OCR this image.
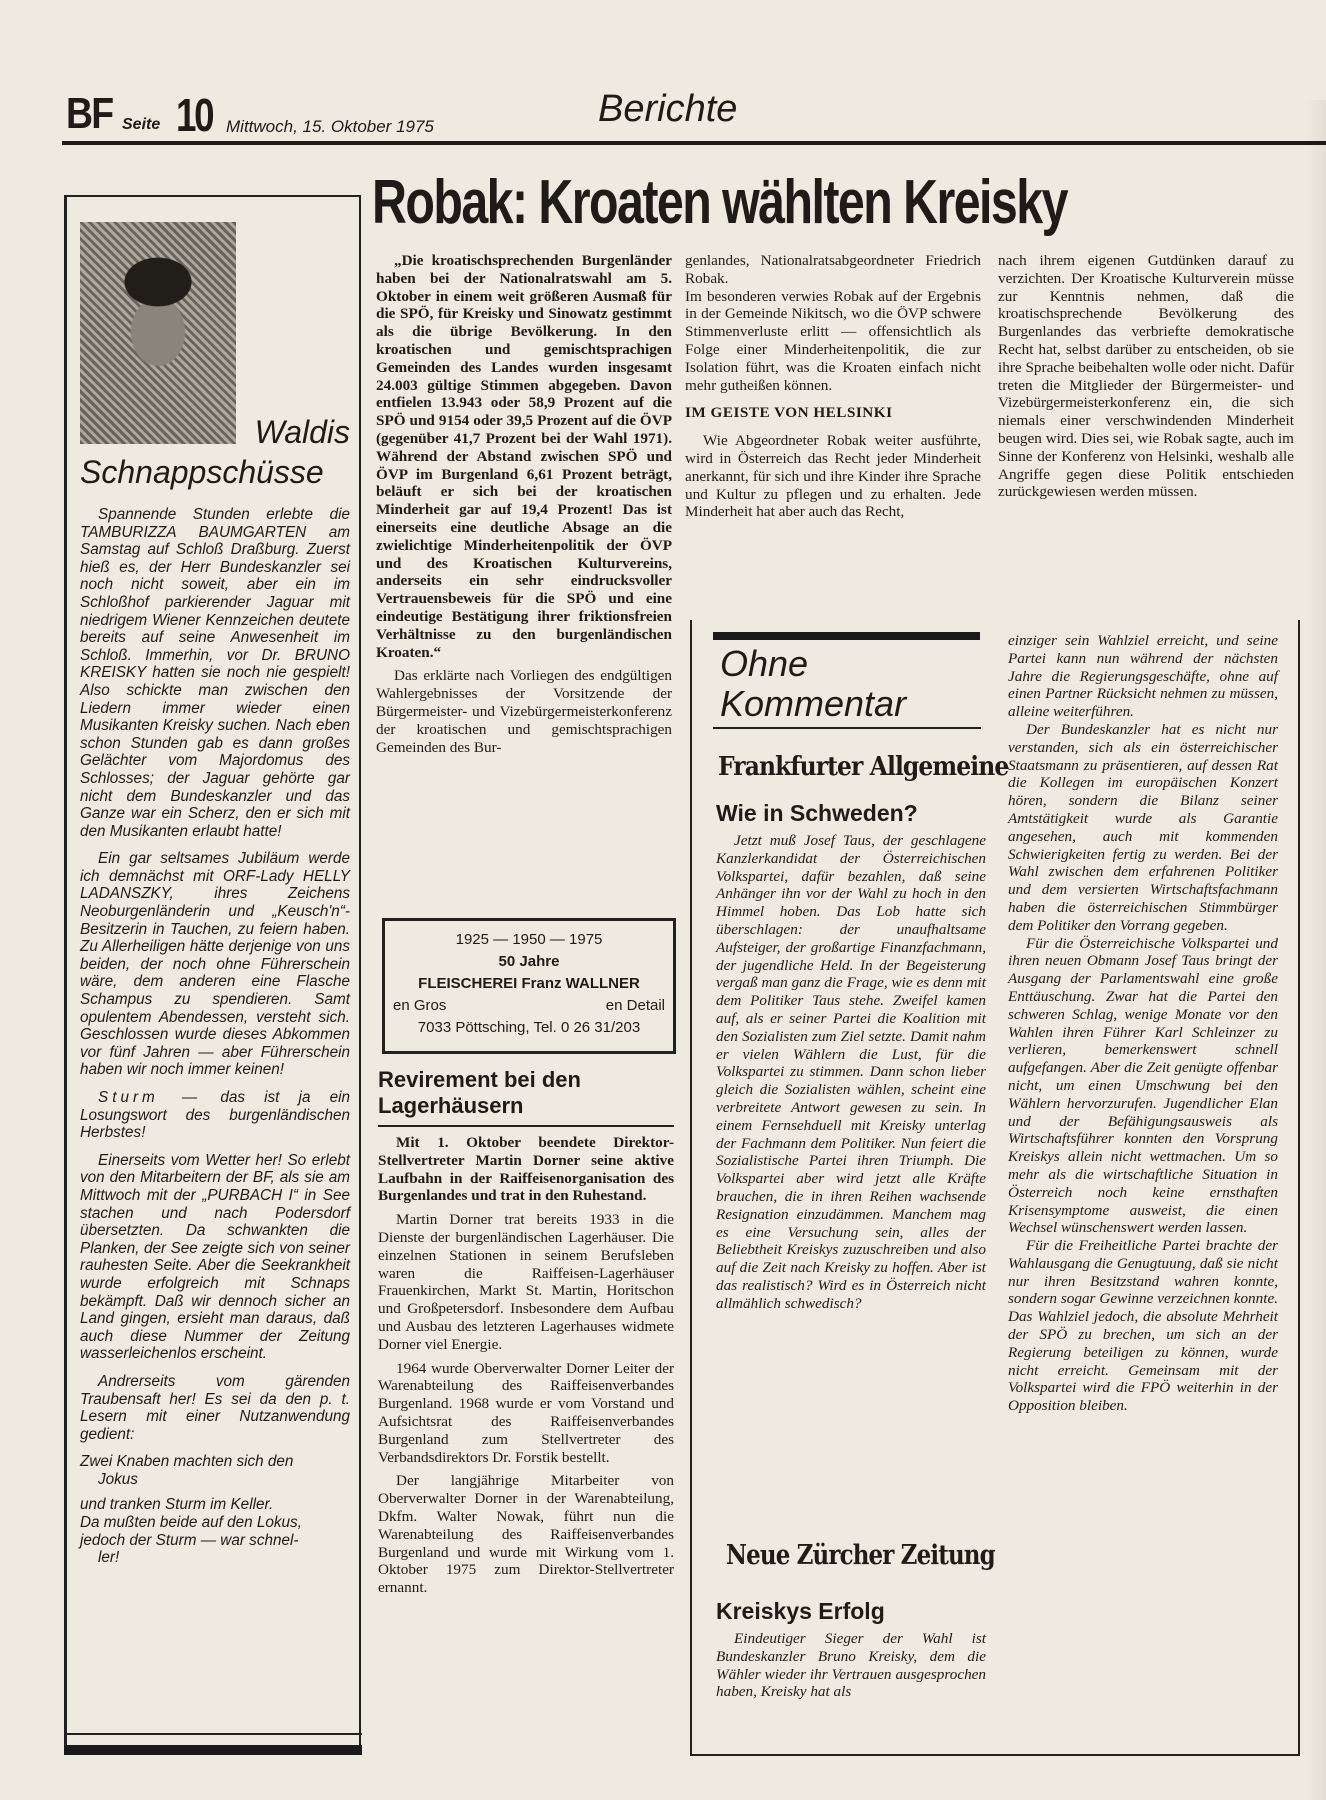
BF Seite 10 Mittwoch, 15. Oktober 1975	Berichte
Waldis
Schnappschüsse

Spannende Stunden erlebte die TAMBURIZZA BAUMGARTEN am Samstag auf Schloß Draßburg. Zuerst hieß es, der Herr Bundeskanzler sei noch nicht soweit, aber ein im Schloßhof parkierender Jaguar mit niedrigem Wiener Kennzeichen deutete bereits auf seine Anwesenheit im Schloß. Immerhin, vor Dr. BRUNO KREISKY hatten sie noch nie gespielt! Also schickte man zwischen den Liedern immer wieder einen Musikanten Kreisky suchen. Nach eben schon Stunden gab es dann großes Gelächter vom Majordomus des Schlosses; der Jaguar gehörte gar nicht dem Bundeskanzler und das Ganze war ein Scherz, den er sich mit den Musikanten erlaubt hatte!

Ein gar seltsames Jubiläum werde ich demnächst mit ORF-Lady HELLY LADANSZKY, ihres Zeichens Neoburgenländerin und „Keusch'n“-Besitzerin in Tauchen, zu feiern haben. Zu Allerheiligen hätte derjenige von uns beiden, der noch ohne Führerschein wäre, dem anderen eine Flasche Schampus zu spendieren. Samt opulentem Abendessen, versteht sich. Geschlossen wurde dieses Abkommen vor fünf Jahren — aber Führerschein haben wir noch immer keinen!

Sturm — das ist ja ein Losungswort des burgenländischen Herbstes!

Einerseits vom Wetter her! So erlebt von den Mitarbeitern der BF, als sie am Mittwoch mit der „PURBACH I“ in See stachen und nach Podersdorf übersetzten. Da schwankten die Planken, der See zeigte sich von seiner rauhesten Seite. Aber die Seekrankheit wurde erfolgreich mit Schnaps bekämpft. Daß wir dennoch sicher an Land gingen, ersieht man daraus, daß auch diese Nummer der Zeitung wasserleichenlos erscheint.

Andrerseits vom gärenden Traubensaft her! Es sei da den p. t. Lesern mit einer Nutzanwendung gedient:

Zwei Knaben machten sich den
Jokus

und tranken Sturm im Keller.

Da mußten beide auf den Lokus,

jedoch der Sturm — war schnel-
ler!

Robak: Kroaten wählten Kreisky

„Die kroatischsprechenden Burgenländer haben bei der Nationalratswahl am 5. Oktober in einem weit größeren Ausmaß für die SPÖ, für Kreisky und Sinowatz gestimmt als die übrige Bevölkerung. In den kroatischen und gemischtsprachigen Gemeinden des Landes wurden insgesamt 24.003 gültige Stimmen abgegeben. Davon entfielen 13.943 oder 58,9 Prozent auf die SPÖ und 9154 oder 39,5 Prozent auf die ÖVP (gegenüber 41,7 Prozent bei der Wahl 1971). Während der Abstand zwischen SPÖ und ÖVP im Burgenland 6,61 Prozent beträgt, beläuft er sich bei der kroatischen Minderheit gar auf 19,4 Prozent! Das ist einerseits eine deutliche Absage an die zwielichtige Minderheitenpolitik der ÖVP und des Kroatischen Kulturvereins, anderseits ein sehr eindrucksvoller Vertrauensbeweis für die SPÖ und eine eindeutige Bestätigung ihrer friktionsfreien Verhältnisse zu den burgenländischen Kroaten.“

Das erklärte nach Vorliegen des endgültigen Wahlergebnisses der Vorsitzende der Bürgermeister- und Vizebürgermeisterkonferenz der kroatischen und gemischtsprachigen Gemeinden des Bur-

genlandes, Nationalratsabgeordneter Friedrich Robak.

Im besonderen verwies Robak auf der Ergebnis in der Gemeinde Nikitsch, wo die ÖVP schwere Stimmenverluste erlitt — offensichtlich als Folge einer Minderheitenpolitik, die zur Isolation führt, was die Kroaten einfach nicht mehr gutheißen können.

IM GEISTE VON HELSINKI

Wie Abgeordneter Robak weiter ausführte, wird in Österreich das Recht jeder Minderheit anerkannt, für sich und ihre Kinder ihre Sprache und Kultur zu pflegen und zu erhalten. Jede Minderheit hat aber auch das Recht,

nach ihrem eigenen Gutdünken darauf zu verzichten. Der Kroatische Kulturverein müsse zur Kenntnis nehmen, daß die kroatischsprechende Bevölkerung des Burgenlandes das verbriefte demokratische Recht hat, selbst darüber zu entscheiden, ob sie ihre Sprache beibehalten wolle oder nicht. Dafür treten die Mitglieder der Bürgermeister- und Vizebürgermeisterkonferenz ein, die sich niemals einer verschwindenden Minderheit beugen wird. Dies sei, wie Robak sagte, auch im Sinne der Konferenz von Helsinki, weshalb alle Angriffe gegen diese Politik entschieden zurückgewiesen werden müssen.

1925 — 1950 — 1975
50 Jahre
FLEISCHEREI Franz WALLNER
en Gros	en Detail
7033 Pöttsching, Tel. 0 26 31/203
Revirement bei den Lagerhäusern

Mit 1. Oktober beendete Direktor-Stellvertreter Martin Dorner seine aktive Laufbahn in der Raiffeisenorganisation des Burgenlandes und trat in den Ruhestand.

Martin Dorner trat bereits 1933 in die Dienste der burgenländischen Lagerhäuser. Die einzelnen Stationen in seinem Berufsleben waren die Raiffeisen-Lagerhäuser Frauenkirchen, Markt St. Martin, Horitschon und Großpetersdorf. Insbesondere dem Aufbau und Ausbau des letzteren Lagerhauses widmete Dorner viel Energie.

1964 wurde Oberverwalter Dorner Leiter der Warenabteilung des Raiffeisenverbandes Burgenland. 1968 wurde er vom Vorstand und Aufsichtsrat des Raiffeisenverbandes Burgenland zum Stellvertreter des Verbandsdirektors Dr. Forstik bestellt.

Der langjährige Mitarbeiter von Oberverwalter Dorner in der Warenabteilung, Dkfm. Walter Nowak, führt nun die Warenabteilung des Raiffeisenverbandes Burgenland und wurde mit Wirkung vom 1. Oktober 1975 zum Direktor-Stellvertreter ernannt.

Ohne
Kommentar
Frankfurter Allgemeine
Wie in Schweden?

Jetzt muß Josef Taus, der geschlagene Kanzlerkandidat der Österreichischen Volkspartei, dafür bezahlen, daß seine Anhänger ihn vor der Wahl zu hoch in den Himmel hoben. Das Lob hatte sich überschlagen: der unaufhaltsame Aufsteiger, der großartige Finanzfachmann, der jugendliche Held. In der Begeisterung vergaß man ganz die Frage, wie es denn mit dem Politiker Taus stehe. Zweifel kamen auf, als er seiner Partei die Koalition mit den Sozialisten zum Ziel setzte. Damit nahm er vielen Wählern die Lust, für die Volkspartei zu stimmen. Dann schon lieber gleich die Sozialisten wählen, scheint eine verbreitete Antwort gewesen zu sein. In einem Fernsehduell mit Kreisky unterlag der Fachmann dem Politiker. Nun feiert die Sozialistische Partei ihren Triumph. Die Volkspartei aber wird jetzt alle Kräfte brauchen, die in ihren Reihen wachsende Resignation einzudämmen. Manchem mag es eine Versuchung sein, alles der Beliebtheit Kreiskys zuzuschreiben und also auf die Zeit nach Kreisky zu hoffen. Aber ist das realistisch? Wird es in Österreich nicht allmählich schwedisch?

Neue Zürcher Zeitung
Kreiskys Erfolg

Eindeutiger Sieger der Wahl ist Bundeskanzler Bruno Kreisky, dem die Wähler wieder ihr Vertrauen ausgesprochen haben, Kreisky hat als

einziger sein Wahlziel erreicht, und seine Partei kann nun während der nächsten Jahre die Regierungsgeschäfte, ohne auf einen Partner Rücksicht nehmen zu müssen, alleine weiterführen.

Der Bundeskanzler hat es nicht nur verstanden, sich als ein österreichischer Staatsmann zu präsentieren, auf dessen Rat die Kollegen im europäischen Konzert hören, sondern die Bilanz seiner Amtstätigkeit wurde als Garantie angesehen, auch mit kommenden Schwierigkeiten fertig zu werden. Bei der Wahl zwischen dem erfahrenen Politiker und dem versierten Wirtschaftsfachmann haben die österreichischen Stimmbürger dem Politiker den Vorrang gegeben.

Für die Österreichische Volkspartei und ihren neuen Obmann Josef Taus bringt der Ausgang der Parlamentswahl eine große Enttäuschung. Zwar hat die Partei den schweren Schlag, wenige Monate vor den Wahlen ihren Führer Karl Schleinzer zu verlieren, bemerkenswert schnell aufgefangen. Aber die Zeit genügte offenbar nicht, um einen Umschwung bei den Wählern hervorzurufen. Jugendlicher Elan und der Befähigungsausweis als Wirtschaftsführer konnten den Vorsprung Kreiskys allein nicht wettmachen. Um so mehr als die wirtschaftliche Situation in Österreich noch keine ernsthaften Krisensymptome ausweist, die einen Wechsel wünschenswert werden lassen.

Für die Freiheitliche Partei brachte der Wahlausgang die Genugtuung, daß sie nicht nur ihren Besitzstand wahren konnte, sondern sogar Gewinne verzeichnen konnte. Das Wahlziel jedoch, die absolute Mehrheit der SPÖ zu brechen, um sich an der Regierung beteiligen zu können, wurde nicht erreicht. Gemeinsam mit der Volkspartei wird die FPÖ weiterhin in der Opposition bleiben.
